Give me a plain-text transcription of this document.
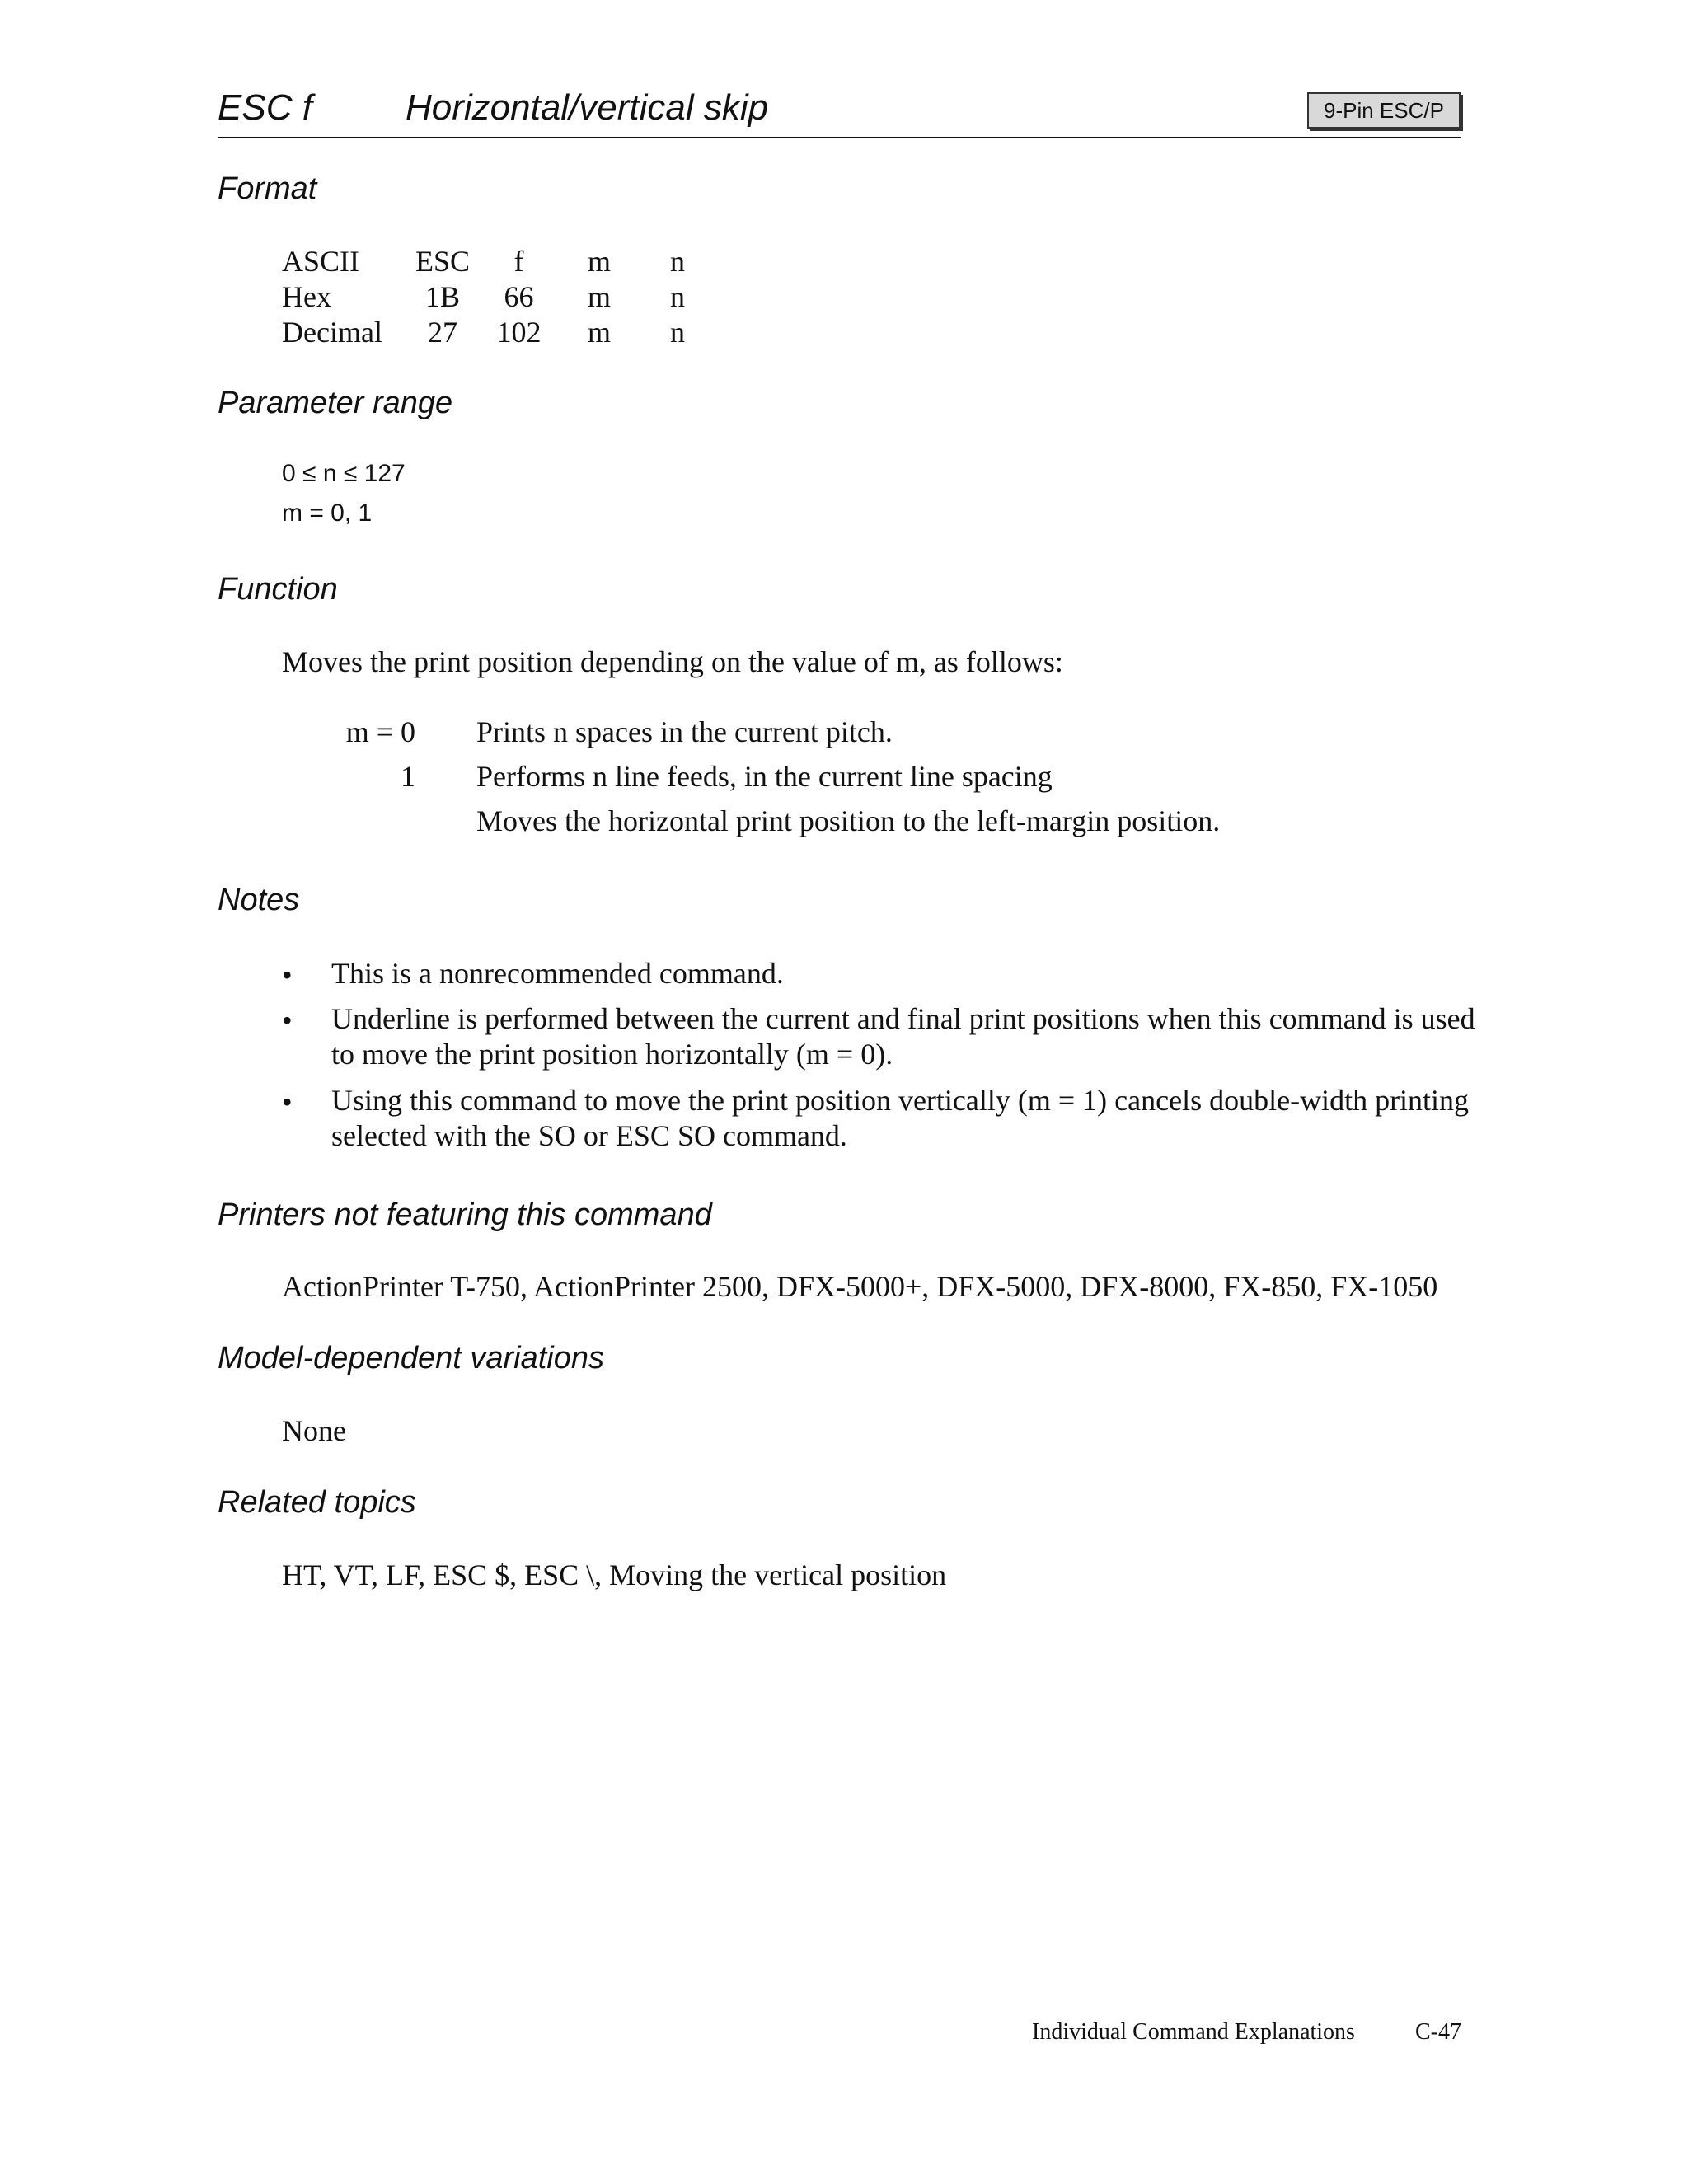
ESC f	Horizontal/vertical skip	9-Pin ESC/P
Format
ASCII	ESC	f	m	n
Hex	1B	66	m	n
Decimal	27	102	m	n
Parameter range
0 ≤ n ≤ 127
m = 0, 1
Function
Moves the print position depending on the value of m, as follows:
m = 0 Prints n spaces in the current pitch.
1 Performs n line feeds, in the current line spacing
Moves the horizontal print position to the left-margin position.
Notes
• This is a nonrecommended command.
• Underline is performed between the current and final print positions when this command is used to move the print position horizontally (m = 0).
• Using this command to move the print position vertically (m = 1) cancels double-width printing selected with the SO or ESC SO command.
Printers not featuring this command
ActionPrinter T-750, ActionPrinter 2500, DFX-5000+, DFX-5000, DFX-8000, FX-850, FX-1050
Model-dependent variations
None
Related topics
HT, VT, LF, ESC $, ESC \, Moving the vertical position
Individual Command Explanations	C-47
